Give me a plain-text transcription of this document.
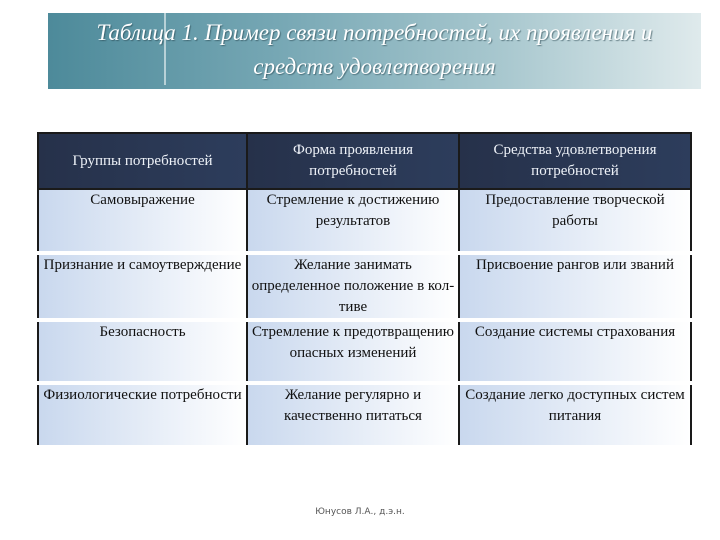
Таблица 1. Пример связи потребностей, их проявления и
средств удовлетворения
Группы потребностей	Форма проявления потребностей	Средства удовлетворения потребностей
Самовыражение	Стремление к достижению результатов	Предоставление творческой работы
Признание и самоутверждение	Желание занимать определенное положение в кол-тиве	Присвоение рангов или званий
Безопасность	Стремление к предотвращению опасных изменений	Создание системы страхования
Физиологические потребности	Желание регулярно и качественно питаться	Создание легко доступных систем питания
Юнусов Л.А., д.э.н.
